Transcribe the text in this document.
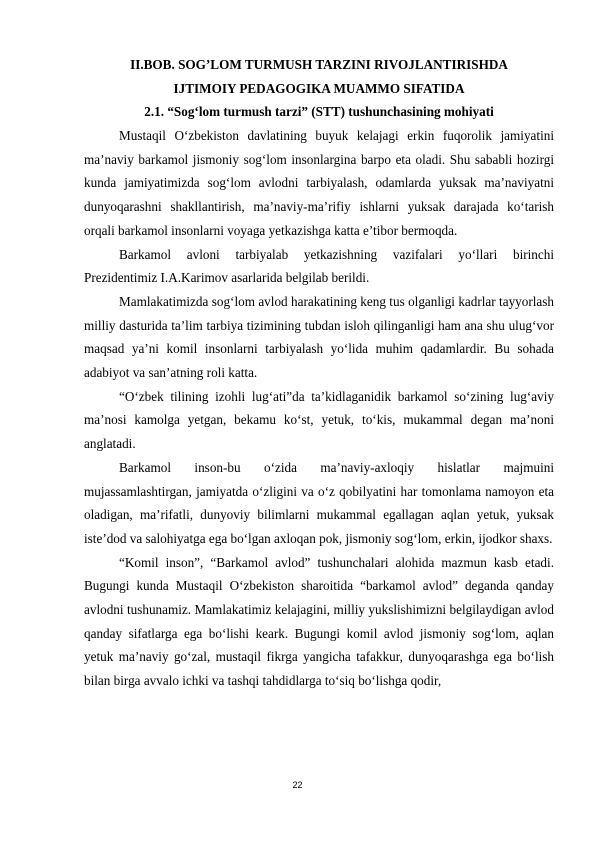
II.BOB. SOG’LOM TURMUSH TARZINI RIVOJLANTIRISHDA
IJTIMOIY PEDAGOGIKA MUAMMO SIFATIDA
2.1. “Sog‘lom turmush tarzi” (STT) tushunchasining mohiyati

Mustaqil O‘zbekiston davlatining buyuk kelajagi erkin fuqorolik jamiyatini ma’naviy barkamol jismoniy sog‘lom insonlargina barpo eta oladi. Shu sababli hozirgi kunda jamiyatimizda sog‘lom avlodni tarbiyalash, odamlarda yuksak ma’naviyatni dunyoqarashni shakllantirish, ma’naviy-ma’rifiy ishlarni yuksak darajada ko‘tarish orqali barkamol insonlarni voyaga yetkazishga katta e’tibor bermoqda.

Barkamol avloni tarbiyalab yetkazishning vazifalari yo‘llari birinchi Prezidentimiz I.A.Karimov asarlarida belgilab berildi.

Mamlakatimizda sog‘lom avlod harakatining keng tus olganligi kadrlar tayyorlash milliy dasturida ta’lim tarbiya tizimining tubdan isloh qilinganligi ham ana shu ulug‘vor maqsad ya’ni komil insonlarni tarbiyalash yo‘lida muhim qadamlardir. Bu sohada adabiyot va san’atning roli katta.

“O‘zbek tilining izohli lug‘ati”da ta’kidlaganidik barkamol so‘zining lug‘aviy ma’nosi kamolga yetgan, bekamu ko‘st, yetuk, to‘kis, mukammal degan ma’noni anglatadi.

Barkamol inson-bu o‘zida ma’naviy-axloqiy hislatlar majmuini mujassamlashtirgan, jamiyatda o‘zligini va o‘z qobilyatini har tomonlama namoyon eta oladigan, ma’rifatli, dunyoviy bilimlarni mukammal egallagan aqlan yetuk, yuksak iste’dod va salohiyatga ega bo‘lgan axloqan pok, jismoniy sog‘lom, erkin, ijodkor shaxs.

“Komil inson”, “Barkamol avlod” tushunchalari alohida mazmun kasb etadi. Bugungi kunda Mustaqil O‘zbekiston sharoitida “barkamol avlod” deganda qanday avlodni tushunamiz. Mamlakatimiz kelajagini, milliy yukslishimizni belgilaydigan avlod qanday sifatlarga ega bo‘lishi keark. Bugungi komil avlod jismoniy sog‘lom, aqlan yetuk ma’naviy go‘zal, mustaqil fikrga yangicha tafakkur, dunyoqarashga ega bo‘lish bilan birga avvalo ichki va tashqi tahdidlarga to‘siq bo‘lishga qodir,

22
